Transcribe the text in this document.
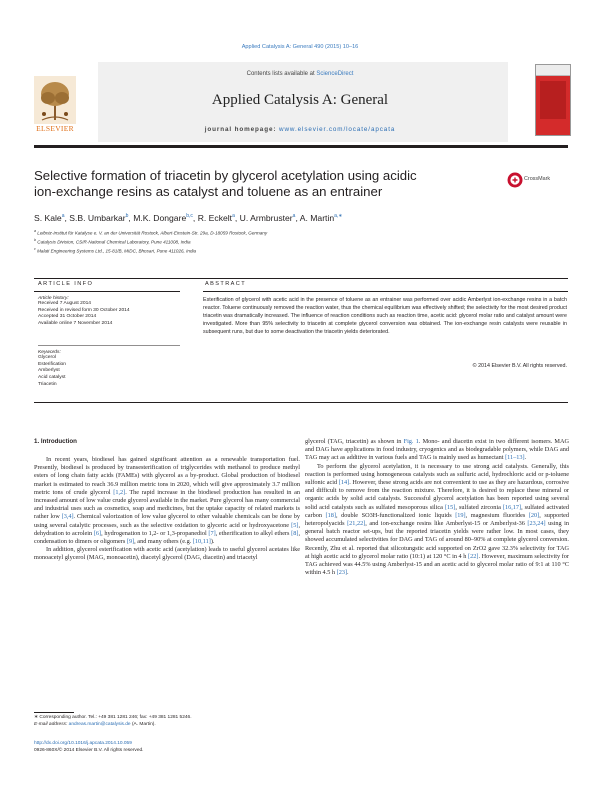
Applied Catalysis A: General 490 (2015) 10–16
ELSEVIER
Contents lists available at ScienceDirect
Applied Catalysis A: General
journal homepage: www.elsevier.com/locate/apcata
Selective formation of triacetin by glycerol acetylation using acidic
ion-exchange resins as catalyst and toluene as an entrainer
CrossMark
S. Kale$^a$, S.B. Umbarkar$^b$, M.K. Dongare$^{b,c}$, R. Eckelt$^a$, U. Armbruster$^a$, A. Martin$^{a,∗}$
$^a$ Leibniz-Institut für Katalyse e. V. an der Universität Rostock, Albert-Einstein-Str. 29a, D-18059 Rostock, Germany
$^b$ Catalysis Division, CSIR-National Chemical Laboratory, Pune 411008, India
$^c$ Malati Engineering Systems Ltd., 15-81/B, MIDC, Bhosari, Pune 411026, India
ARTICLE INFO	ABSTRACT
Article history:
Received 7 August 2014
Received in revised form 30 October 2014
Accepted 31 October 2014
Available online 7 November 2014
Keywords:
Glycerol
Esterification
Amberlyst
Acid catalyst
Triacetin
Esterification of glycerol with acetic acid in the presence of toluene as an entrainer was performed over acidic Amberlyst ion-exchange resins in a batch reactor. Toluene continuously removed the reaction water, thus the chemical equilibrium was effectively shifted; the selectivity for the most desired product triacetin was dramatically increased. The influence of reaction conditions such as reaction time, acetic acid: glycerol molar ratio and catalyst amount were investigated. More than 95% selectivity to triacetin at complete glycerol conversion was obtained. The ion-exchange resin catalysts were reusable in subsequent runs, but due to some deactivation the triacetin yields deteriorated.
© 2014 Elsevier B.V. All rights reserved.
1. Introduction

In recent years, biodiesel has gained significant attention as a renewable transportation fuel. Presently, biodiesel is produced by transesterification of triglycerides with methanol to produce methyl esters of long chain fatty acids (FAMEs) with glycerol as a by-product. Global production of biodiesel market is estimated to reach 36.9 million metric tons in 2020, which will give approximately 3.7 million metric tons of crude glycerol [1,2]. The rapid increase in the biodiesel production has resulted in an increased amount of low value crude glycerol available in the market. Pure glycerol has many commercial and industrial uses such as cosmetics, soap and medicines, but the uptake capacity of related markets is rather low [3,4]. Chemical valorization of low value glycerol to other valuable chemicals can be done by using several catalytic processes, such as the selective oxidation to glyceric acid or hydroxyacetone [5], dehydration to acrolein [6], hydrogenation to 1,2- or 1,3-propanediol [7], etherification to alkyl ethers [8], condensation to dimers or oligomers [9], and many others (e.g. [10,11]).

In addition, glycerol esterification with acetic acid (acetylation) leads to useful glycerol acetates like monoacetyl glycerol (MAG, monoacetin), diacetyl glycerol (DAG, diacetin) and triacetyl

glycerol (TAG, triacetin) as shown in Fig. 1. Mono- and diacetin exist in two different isomers. MAG and DAG have applications in food industry, cryogenics and as biodegradable polymers, while DAG and TAG may act as additive in various fuels and TAG is mainly used as humectant [11–13].

To perform the glycerol acetylation, it is necessary to use strong acid catalysts. Generally, this reaction is performed using homogeneous catalysts such as sulfuric acid, hydrochloric acid or p-toluene sulfonic acid [14]. However, these strong acids are not convenient to use as they are hazardous, corrosive and difficult to remove from the reaction mixture. Therefore, it is desired to replace these mineral or organic acids by solid acid catalysts. Successful glycerol acetylation has been reported using several solid acid catalysts such as sulfated mesoporous silica [15], sulfated zirconia [16,17], sulfated activated carbon [18], double SO3H-functionalized ionic liquids [19], magnesium fluorides [20], supported heteropolyacids [21,22], and ion-exchange resins like Amberlyst-15 or Amberlyst-36 [23,24] using in general batch reactor set-ups, but the reported triacetin yields were rather low. In most cases, they showed accumulated selectivities for DAG and TAG of around 80–90% at complete glycerol conversion. Recently, Zhu et al. reported that silicotungstic acid supported on ZrO2 gave 32.3% selectivity for TAG at high acetic acid to glycerol molar ratio (10:1) at 120 °C in 4 h [22]. However, maximum selectivity for TAG achieved was 44.5% using Amberlyst-15 and an acetic acid to glycerol molar ratio of 9:1 at 110 °C within 4.5 h [23].

∗ Corresponding author. Tel.: +49 381 1281 246; fax: +49 381 1281 5246.
E-mail address: andreas.martin@catalysis.de (A. Martin).
http://dx.doi.org/10.1016/j.apcata.2014.10.059
0926-860X/© 2014 Elsevier B.V. All rights reserved.
